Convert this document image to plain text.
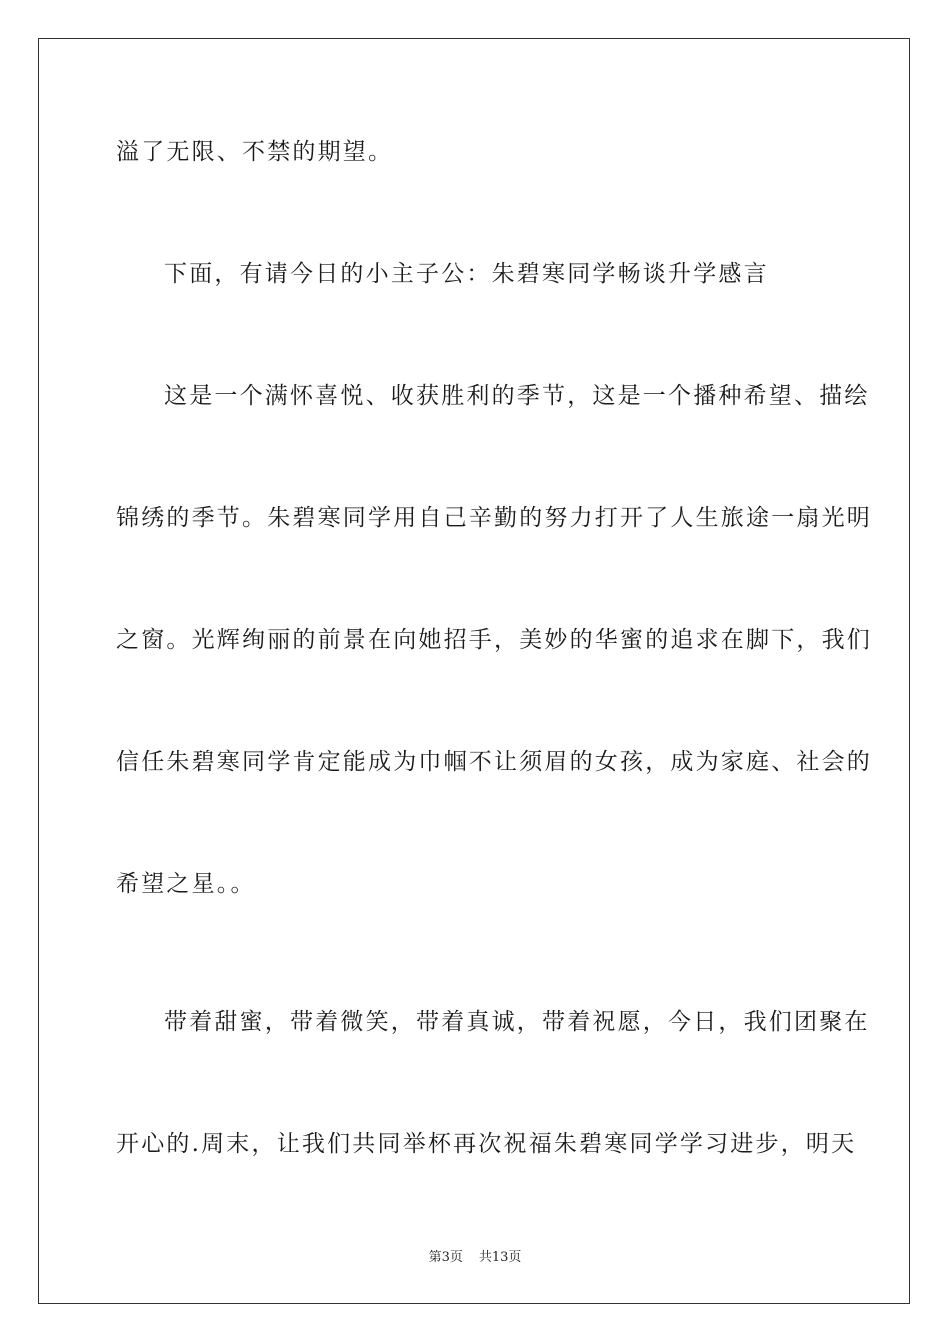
溢了无限、不禁的期望。
下面，有请今日的小主子公：朱碧寒同学畅谈升学感言
这是一个满怀喜悦、收获胜利的季节，这是一个播种希望、描绘
锦绣的季节。朱碧寒同学用自己辛勤的努力打开了人生旅途一扇光明
之窗。光辉绚丽的前景在向她招手，美妙的华蜜的追求在脚下，我们
信任朱碧寒同学肯定能成为巾帼不让须眉的女孩，成为家庭、社会的
希望之星。。
带着甜蜜，带着微笑，带着真诚，带着祝愿，今日，我们团聚在
开心的.周末，让我们共同举杯再次祝福朱碧寒同学学习进步，明天
第3页 共13页
